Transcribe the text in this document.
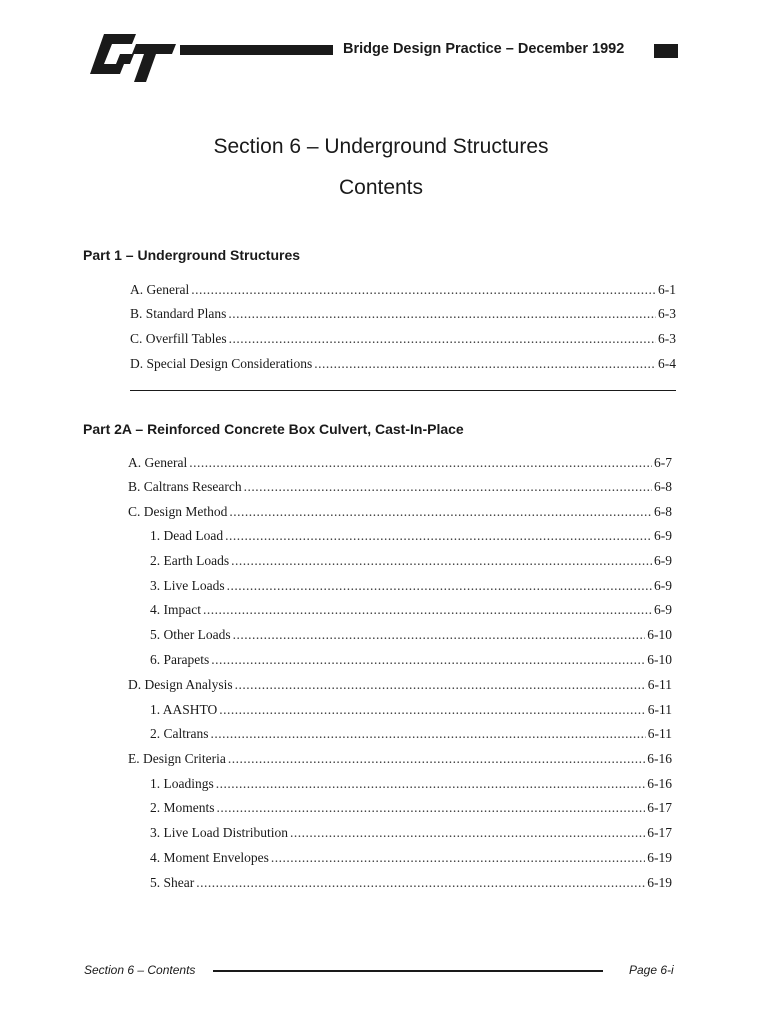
Bridge Design Practice – December 1992
Section 6 – Underground Structures
Contents
Part 1 – Underground Structures
A. General .....	6-1
B. Standard Plans .....	6-3
C. Overfill Tables .....	6-3
D. Special Design Considerations .....	6-4
Part 2A – Reinforced Concrete Box Culvert, Cast-In-Place
A. General .....	6-7
B. Caltrans Research .....	6-8
C. Design Method .....	6-8
1. Dead Load .....	6-9
2. Earth Loads .....	6-9
3. Live Loads .....	6-9
4. Impact .....	6-9
5. Other Loads .....	6-10
6. Parapets .....	6-10
D. Design Analysis .....	6-11
1. AASHTO .....	6-11
2. Caltrans .....	6-11
E. Design Criteria .....	6-16
1. Loadings .....	6-16
2. Moments .....	6-17
3. Live Load Distribution .....	6-17
4. Moment Envelopes .....	6-19
5. Shear .....	6-19
Section 6 – Contents	Page 6-i
